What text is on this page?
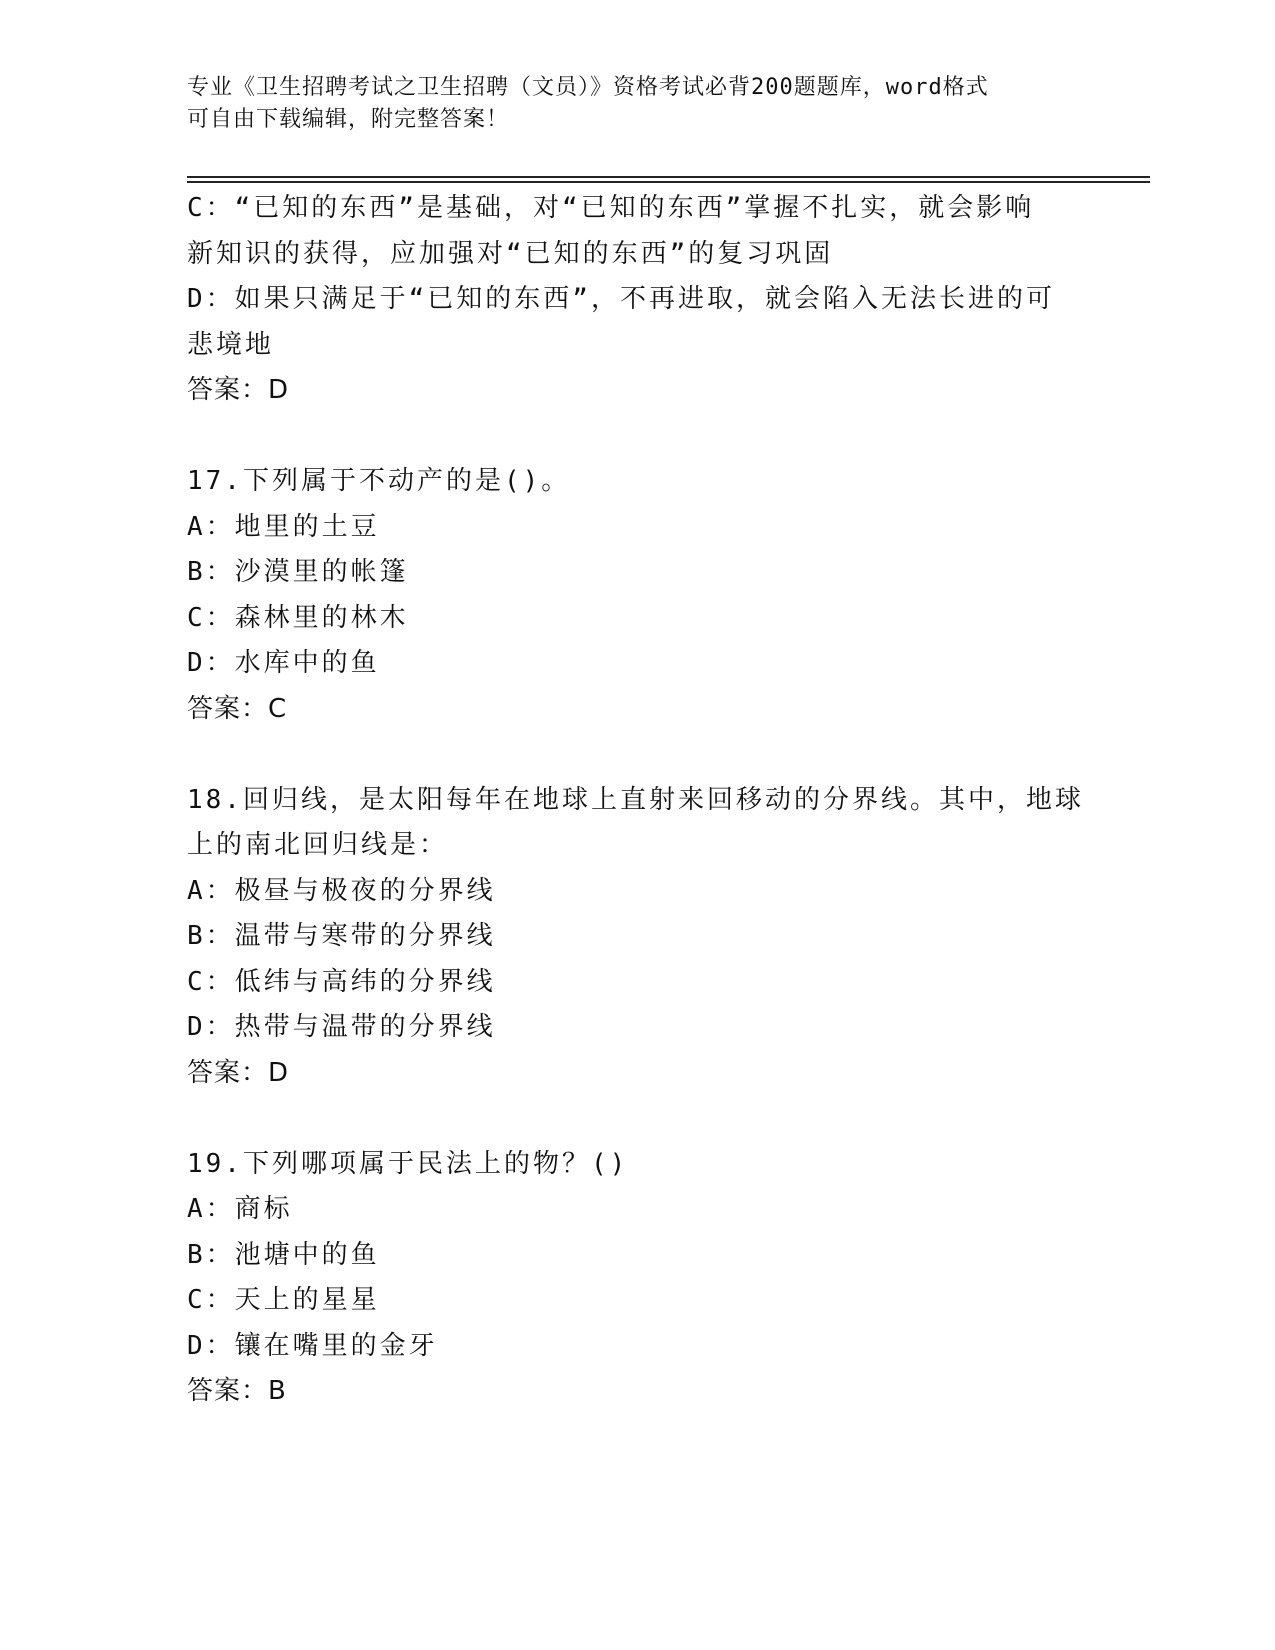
专业《卫生招聘考试之卫生招聘（文员）》资格考试必背200题题库，word格式

可自由下载编辑，附完整答案！

C：“已知的东西”是基础，对“已知的东西”掌握不扎实，就会影响
新知识的获得，应加强对“已知的东西”的复习巩固
D：如果只满足于“已知的东西”，不再进取，就会陷入无法长进的可
悲境地
答案：D
17.下列属于不动产的是()。
A：地里的土豆
B：沙漠里的帐篷
C：森林里的林木
D：水库中的鱼
答案：C
18.回归线，是太阳每年在地球上直射来回移动的分界线。其中，地球
上的南北回归线是：
A：极昼与极夜的分界线
B：温带与寒带的分界线
C：低纬与高纬的分界线
D：热带与温带的分界线
答案：D
19.下列哪项属于民法上的物？()
A：商标
B：池塘中的鱼
C：天上的星星
D：镶在嘴里的金牙
答案：B
